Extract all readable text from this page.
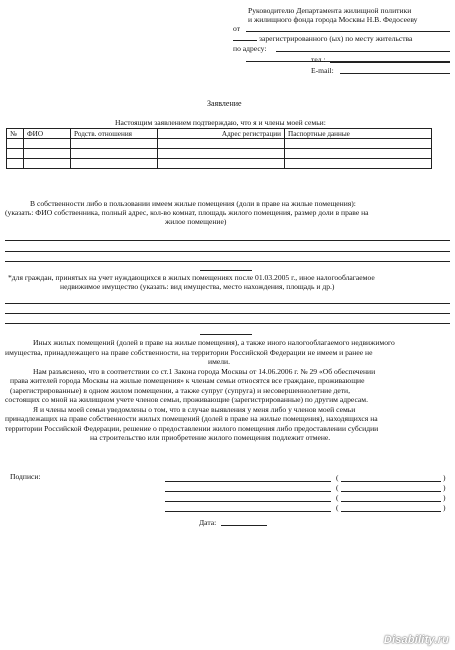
Руководителю Департамента жилищной политики
и жилищного фонда города Москвы Н.В. Федосееву
от
зарегистрированного (ых) по месту жительства
по адресу:
тел.:
E-mail:
Заявление
Настоящим заявлением подтверждаю, что я и члены моей семьи:
№	ФИО	Родств. отношения	Адрес регистрации	Паспортные данные

В собственности либо в пользовании имеем жилые помещения (доли в праве на жилые помещения):
(указать: ФИО собственника, полный адрес, кол-во комнат, площадь жилого помещения, размер доли в праве на
жилое помещение)
*для граждан, принятых на учет нуждающихся в жилых помещениях после 01.03.2005 г., иное налогооблагаемое
недвижимое имущество (указать: вид имущества, место нахождения, площадь и др.)
Иных жилых помещений (долей в праве на жилые помещения), а также иного налогооблагаемого недвижимого
имущества, принадлежащего на праве собственности, на территории Российской Федерации не имеем и ранее не
имели.
Нам разъяснено, что в соответствии со ст.1 Закона города Москвы от 14.06.2006 г. № 29 «Об обеспечении
права жителей города Москвы на жилые помещения» к членам семьи относятся все граждане, проживающие
(зарегистрированные) в одном жилом помещении, а также супруг (супруга) и несовершеннолетние дети,
состоящих со мной на жилищном учете членов семьи, проживающие (зарегистрированные) по другим адресам.
Я и члены моей семьи уведомлены о том, что в случае выявления у меня либо у членов моей семьи
принадлежащих на праве собственности жилых помещений (долей в праве на жилые помещения), находящихся на
территории Российской Федерации, решение о предоставлении жилого помещения либо предоставлении субсидии
на строительство или приобретение жилого помещения подлежит отмене.
Подписи:	(	)
(	)
(	)
(	)
Дата:
Disability.ru
